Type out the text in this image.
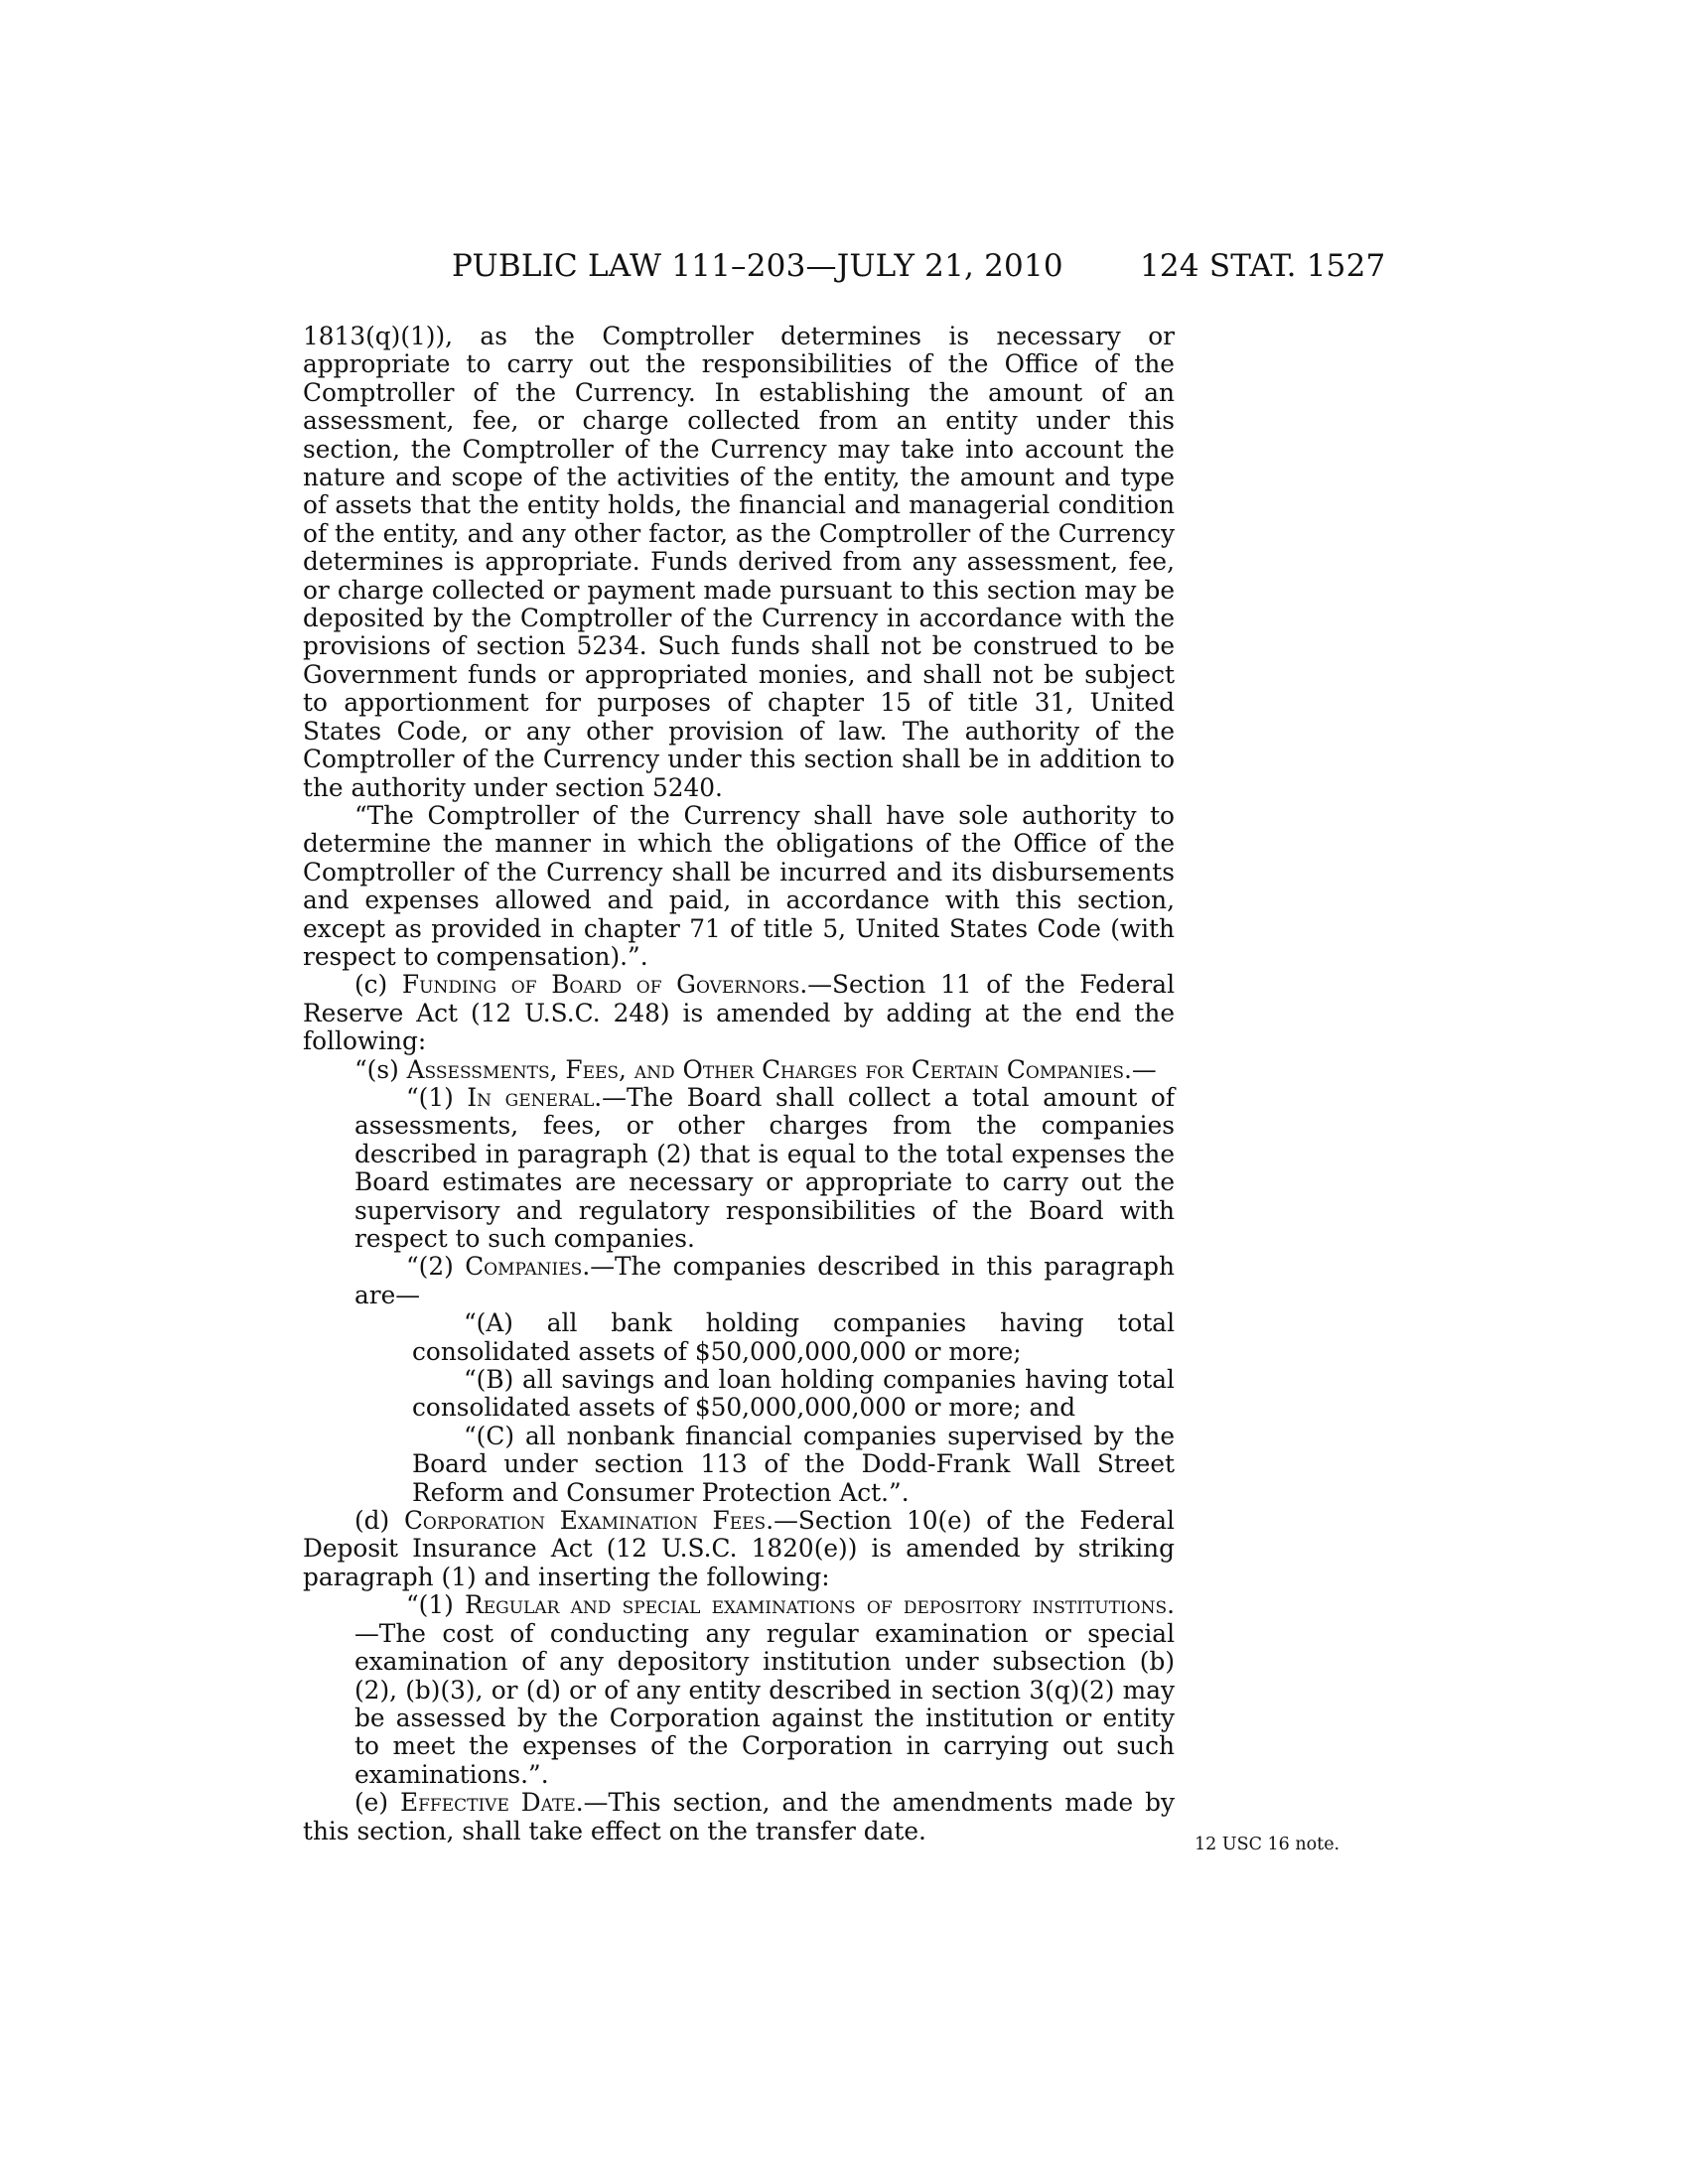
PUBLIC LAW 111–203—JULY 21, 2010 124 STAT. 1527

1813(q)(1)), as the Comptroller determines is necessary or appropriate to carry out the responsibilities of the Office of the Comptroller of the Currency. In establishing the amount of an assessment, fee, or charge collected from an entity under this section, the Comptroller of the Currency may take into account the nature and scope of the activities of the entity, the amount and type of assets that the entity holds, the financial and managerial condition of the entity, and any other factor, as the Comptroller of the Currency determines is appropriate. Funds derived from any assessment, fee, or charge collected or payment made pursuant to this section may be deposited by the Comptroller of the Currency in accordance with the provisions of section 5234. Such funds shall not be construed to be Government funds or appropriated monies, and shall not be subject to apportionment for purposes of chapter 15 of title 31, United States Code, or any other provision of law. The authority of the Comptroller of the Currency under this section shall be in addition to the authority under section 5240.

“The Comptroller of the Currency shall have sole authority to determine the manner in which the obligations of the Office of the Comptroller of the Currency shall be incurred and its disbursements and expenses allowed and paid, in accordance with this section, except as provided in chapter 71 of title 5, United States Code (with respect to compensation).”.

(c) Funding of Board of Governors.—Section 11 of the Federal Reserve Act (12 U.S.C. 248) is amended by adding at the end the following:

“(s) Assessments, Fees, and Other Charges for Certain Companies.—

“(1) In general.—The Board shall collect a total amount of assessments, fees, or other charges from the companies described in paragraph (2) that is equal to the total expenses the Board estimates are necessary or appropriate to carry out the supervisory and regulatory responsibilities of the Board with respect to such companies.

“(2) Companies.—The companies described in this paragraph are—

“(A) all bank holding companies having total consolidated assets of $50,000,000,000 or more;

“(B) all savings and loan holding companies having total consolidated assets of $50,000,000,000 or more; and

“(C) all nonbank financial companies supervised by the Board under section 113 of the Dodd-Frank Wall Street Reform and Consumer Protection Act.”.

(d) Corporation Examination Fees.—Section 10(e) of the Federal Deposit Insurance Act (12 U.S.C. 1820(e)) is amended by striking paragraph (1) and inserting the following:

“(1) Regular and special examinations of depository institutions.—The cost of conducting any regular examination or special examination of any depository institution under subsection (b)(2), (b)(3), or (d) or of any entity described in section 3(q)(2) may be assessed by the Corporation against the institution or entity to meet the expenses of the Corporation in carrying out such examinations.”.

(e) Effective Date.—This section, and the amendments made by this section, shall take effect on the transfer date.	12 USC 16 note.
